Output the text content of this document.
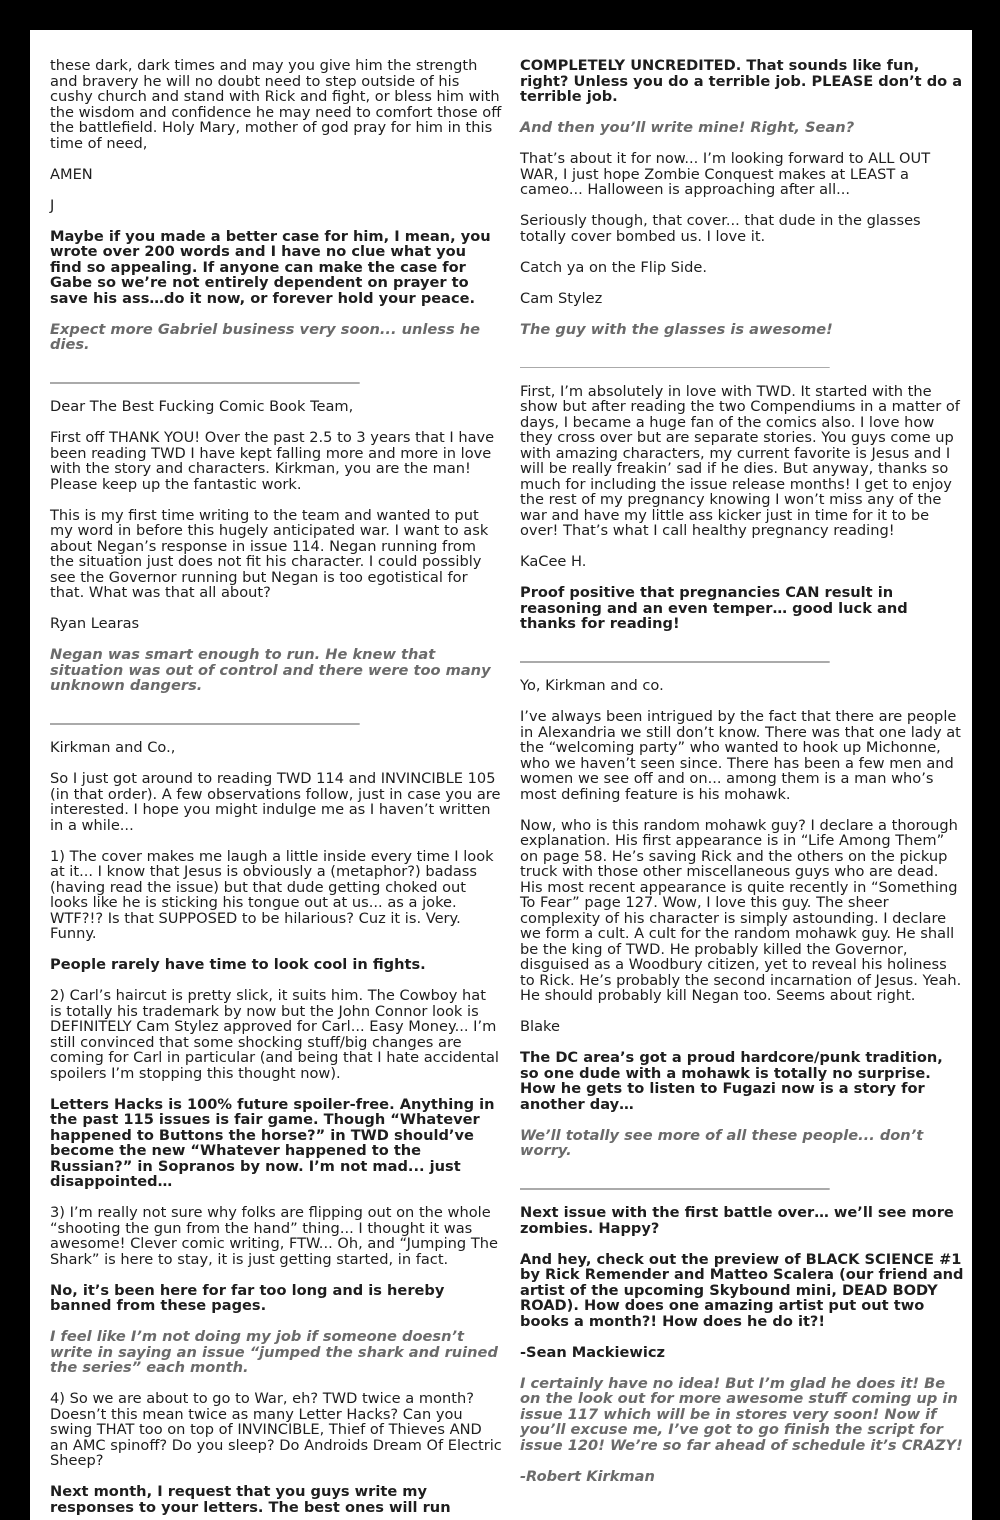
these dark, dark times and may you give him the strength and bravery he will no doubt need to step outside of his cushy church and stand with Rick and fight, or bless him with the wisdom and confidence he may need to comfort those off the battlefield. Holy Mary, mother of god pray for him in this time of need,

AMEN

J

Maybe if you made a better case for him, I mean, you wrote over 200 words and I have no clue what you find so appealing. If anyone can make the case for Gabe so we’re not entirely dependent on prayer to save his ass…do it now, or forever hold your peace.

Expect more Gabriel business very soon... unless he dies.

_________________________________________________

Dear The Best Fucking Comic Book Team,

First off THANK YOU! Over the past 2.5 to 3 years that I have been reading TWD I have kept falling more and more in love with the story and characters. Kirkman, you are the man! Please keep up the fantastic work.

This is my first time writing to the team and wanted to put my word in before this hugely anticipated war. I want to ask about Negan’s response in issue 114. Negan running from the situation just does not fit his character. I could possibly see the Governor running but Negan is too egotistical for that. What was that all about?

Ryan Learas

Negan was smart enough to run. He knew that situation was out of control and there were too many unknown dangers.

_________________________________________________

Kirkman and Co.,

So I just got around to reading TWD 114 and INVINCIBLE 105 (in that order). A few observations follow, just in case you are interested. I hope you might indulge me as I haven’t written in a while...

1) The cover makes me laugh a little inside every time I look at it... I know that Jesus is obviously a (metaphor?) badass (having read the issue) but that dude getting choked out looks like he is sticking his tongue out at us... as a joke. WTF?!? Is that SUPPOSED to be hilarious? Cuz it is. Very. Funny.

People rarely have time to look cool in fights.

2) Carl’s haircut is pretty slick, it suits him. The Cowboy hat is totally his trademark by now but the John Connor look is DEFINITELY Cam Stylez approved for Carl... Easy Money... I’m still convinced that some shocking stuff/big changes are coming for Carl in particular (and being that I hate accidental spoilers I’m stopping this thought now).

Letters Hacks is 100% future spoiler-free. Anything in the past 115 issues is fair game. Though “Whatever happened to Buttons the horse?” in TWD should’ve become the new “Whatever happened to the Russian?” in Sopranos by now. I’m not mad... just disappointed…

3) I’m really not sure why folks are flipping out on the whole “shooting the gun from the hand” thing... I thought it was awesome! Clever comic writing, FTW... Oh, and “Jumping The Shark” is here to stay, it is just getting started, in fact.

No, it’s been here for far too long and is hereby banned from these pages.

I feel like I’m not doing my job if someone doesn’t write in saying an issue “jumped the shark and ruined the series” each month.

4) So we are about to go to War, eh? TWD twice a month? Doesn’t this mean twice as many Letter Hacks? Can you swing THAT too on top of INVINCIBLE, Thief of Thieves AND an AMC spinoff? Do you sleep? Do Androids Dream Of Electric Sheep?

Next month, I request that you guys write my responses to your letters. The best ones will run

COMPLETELY UNCREDITED. That sounds like fun, right? Unless you do a terrible job. PLEASE don’t do a terrible job.

And then you’ll write mine! Right, Sean?

That’s about it for now... I’m looking forward to ALL OUT WAR, I just hope Zombie Conquest makes at LEAST a cameo... Halloween is approaching after all...

Seriously though, that cover... that dude in the glasses totally cover bombed us. I love it.

Catch ya on the Flip Side.

Cam Stylez

The guy with the glasses is awesome!

_________________________________________________

First, I’m absolutely in love with TWD. It started with the show but after reading the two Compendiums in a matter of days, I became a huge fan of the comics also. I love how they cross over but are separate stories. You guys come up with amazing characters, my current favorite is Jesus and I will be really freakin’ sad if he dies. But anyway, thanks so much for including the issue release months! I get to enjoy the rest of my pregnancy knowing I won’t miss any of the war and have my little ass kicker just in time for it to be over! That’s what I call healthy pregnancy reading!

KaCee H.

Proof positive that pregnancies CAN result in reasoning and an even temper… good luck and thanks for reading!

_________________________________________________

Yo, Kirkman and co.

I’ve always been intrigued by the fact that there are people in Alexandria we still don’t know. There was that one lady at the “welcoming party” who wanted to hook up Michonne, who we haven’t seen since. There has been a few men and women we see off and on... among them is a man who’s most defining feature is his mohawk.

Now, who is this random mohawk guy? I declare a thorough explanation. His first appearance is in “Life Among Them” on page 58. He’s saving Rick and the others on the pickup truck with those other miscellaneous guys who are dead. His most recent appearance is quite recently in “Something To Fear” page 127. Wow, I love this guy. The sheer complexity of his character is simply astounding. I declare we form a cult. A cult for the random mohawk guy. He shall be the king of TWD. He probably killed the Governor, disguised as a Woodbury citizen, yet to reveal his holiness to Rick. He’s probably the second incarnation of Jesus. Yeah. He should probably kill Negan too. Seems about right.

Blake

The DC area’s got a proud hardcore/punk tradition, so one dude with a mohawk is totally no surprise. How he gets to listen to Fugazi now is a story for another day…

We’ll totally see more of all these people... don’t worry.

_________________________________________________

Next issue with the first battle over… we’ll see more zombies. Happy?

And hey, check out the preview of BLACK SCIENCE #1 by Rick Remender and Matteo Scalera (our friend and artist of the upcoming Skybound mini, DEAD BODY ROAD). How does one amazing artist put out two books a month?! How does he do it?!

-Sean Mackiewicz

I certainly have no idea! But I’m glad he does it! Be on the look out for more awesome stuff coming up in issue 117 which will be in stores very soon! Now if you’ll excuse me, I’ve got to go finish the script for issue 120! We’re so far ahead of schedule it’s CRAZY!

-Robert Kirkman
